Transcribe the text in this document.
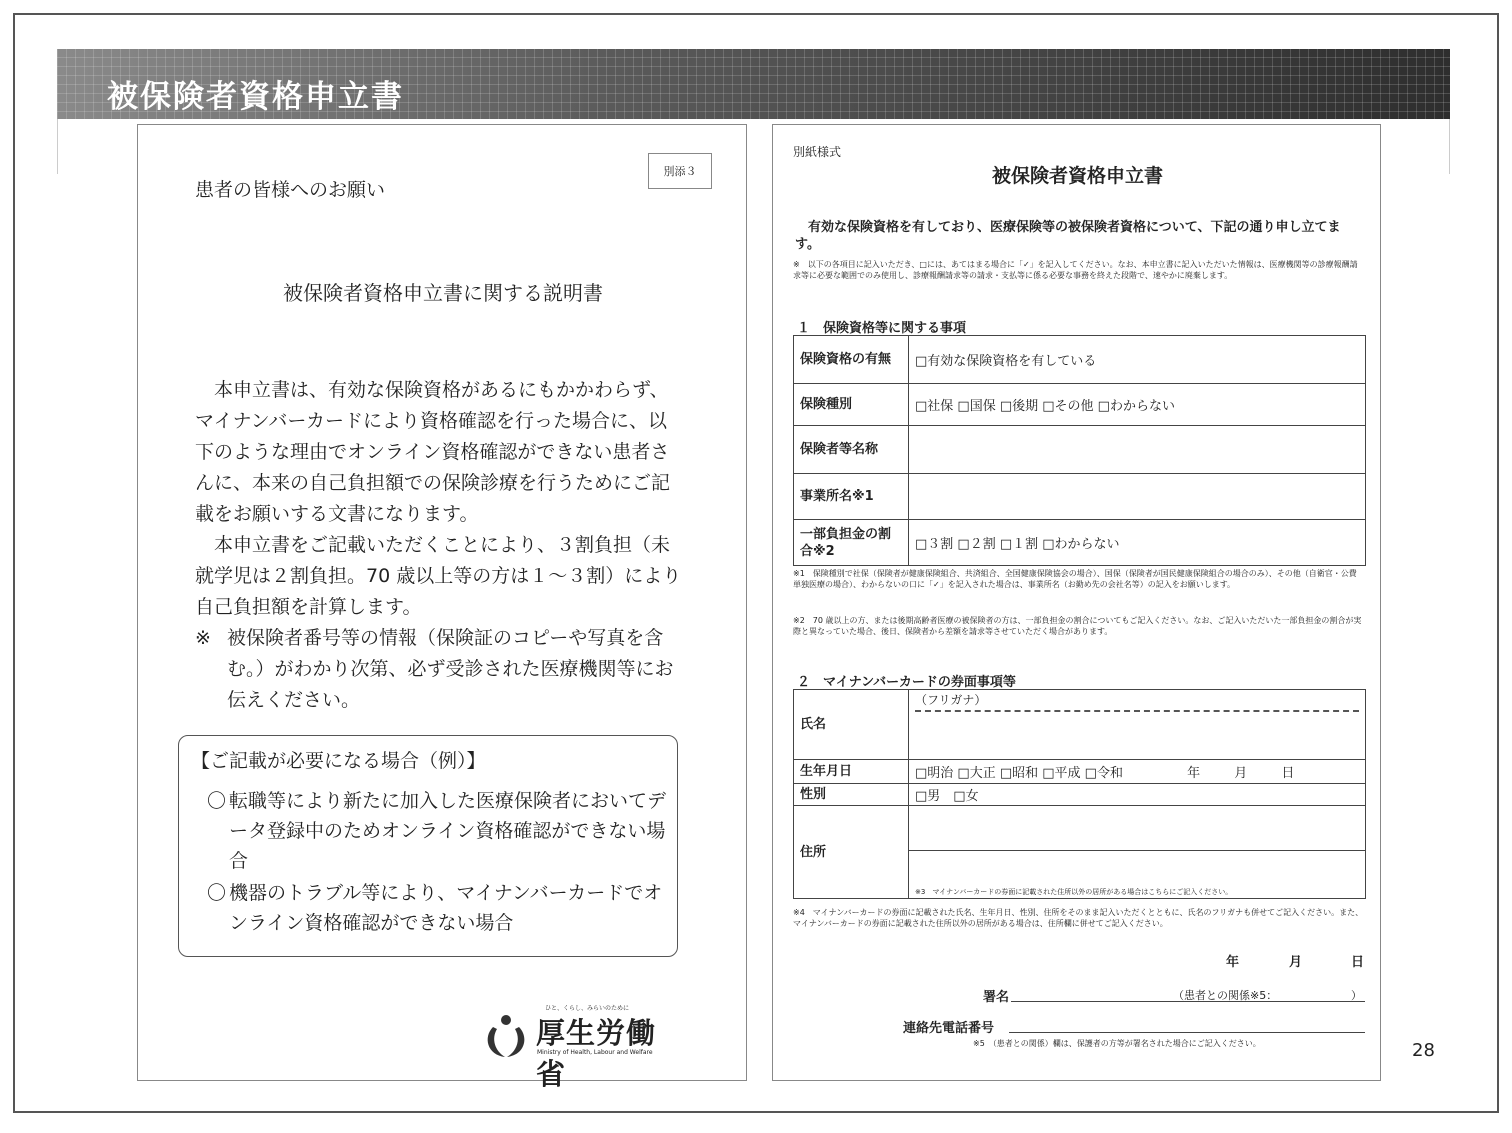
被保険者資格申立書
患者の皆様へのお願い
別添３
被保険者資格申立書に関する説明書

本申立書は、有効な保険資格があるにもかかわらず、マイナンバーカードにより資格確認を行った場合に、以下のような理由でオンライン資格確認ができない患者さんに、本来の自己負担額での保険診療を行うためにご記載をお願いする文書になります。

本申立書をご記載いただくことにより、３割負担（未就学児は２割負担。70 歳以上等の方は１～３割）により自己負担額を計算します。

※ 被保険者番号等の情報（保険証のコピーや写真を含む。）がわかり次第、必ず受診された医療機関等にお伝えください。
【ご記載が必要になる場合（例）】
〇 転職等により新たに加入した医療保険者においてデータ登録中のためオンライン資格確認ができない場合
〇 機器のトラブル等により、マイナンバーカードでオンライン資格確認ができない場合
ひと、くらし、みらいのために
厚生労働省
Ministry of Health, Labour and Welfare
別紙様式
被保険者資格申立書
有効な保険資格を有しており、医療保険等の被保険者資格について、下記の通り申し立てます。
※　以下の各項目に記入いただき、□には、あてはまる場合に「✓」を記入してください。なお、本申立書に記入いただいた情報は、医療機関等の診療報酬請求等に必要な範囲でのみ使用し、診療報酬請求等の請求・支払等に係る必要な事務を終えた段階で、速やかに廃棄します。
１　保険資格等に関する事項
保険資格の有無	□有効な保険資格を有している
保険種別	□社保 □国保 □後期 □その他 □わからない
保険者等名称	
事業所名※1	
一部負担金の割合※2	□３割 □２割 □１割 □わからない
※1　保険種別で社保（保険者が健康保険組合、共済組合、全国健康保険協会の場合）、国保（保険者が国民健康保険組合の場合のみ）、その他（自衛官・公費単独医療の場合）、わからないの口に「✓」を記入された場合は、事業所名（お勤め先の会社名等）の記入をお願いします。
※2　70 歳以上の方、または後期高齢者医療の被保険者の方は、一部負担金の割合についてもご記入ください。なお、ご記入いただいた一部負担金の割合が実際と異なっていた場合、後日、保険者から差額を請求等させていただく場合があります。
２　マイナンバーカードの券面事項等
氏名	（フリガナ）

生年月日	□明治 □大正 □昭和 □平成 □令和 年 月 日
性別	□男　□女
住所	※3　マイナンバーカードの券面に記載された住所以外の居所がある場合はこちらにご記入ください。
※4　マイナンバーカードの券面に記載された氏名、生年月日、性別、住所をそのまま記入いただくとともに、氏名のフリガナも併せてご記入ください。また、マイナンバーカードの券面に記載された住所以外の居所がある場合は、住所欄に併せてご記入ください。
年	月	日
署名	（患者との関係※5：	）
連絡先電話番号
※5　（患者との関係）欄は、保護者の方等が署名された場合にご記入ください。	28
